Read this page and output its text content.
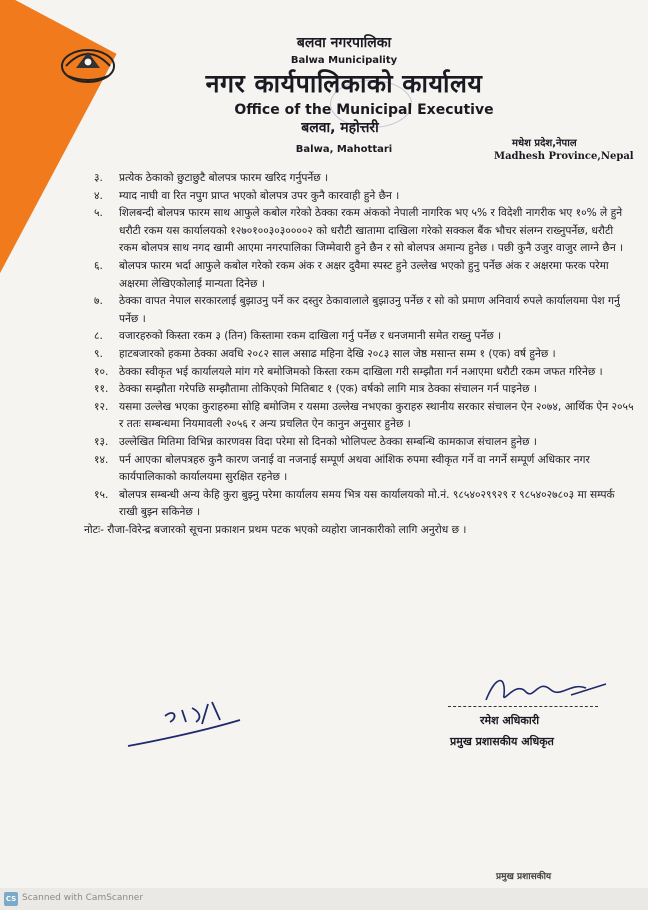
बलवा नगरपालिका
Balwa Municipality
नगर कार्यपालिकाको कार्यालय
Office of the Municipal Executive
बलवा, महोत्तरी
Balwa, Mahottari
मधेश प्रदेश,नेपाल
Madhesh Province,Nepal

३. प्रत्येक ठेकाको छुटाछुटै बोलपत्र फारम खरिद गर्नुपर्नेछ ।

४. म्याद नाघी वा रित नपुग प्राप्त भएको बोलपत्र उपर कुनै कारवाही हुने छैन ।

५. शिलबन्दी बोलपत्र फारम साथ आफुले कबोल गरेको ठेक्का रकम अंकको नेपाली नागरिक भए ५% र विदेशी नागरीक भए १०% ले हुने धरौटी रकम यस कार्यालयको १२७०१००३०३००००२ को धरौटी खातामा दाखिला गरेको सक्कल बैंक भौचर संलग्न राख्नुपर्नेछ, धरौटी रकम बोलपत्र साथ नगद खामी आएमा नगरपालिका जिम्मेवारी हुने छैन र सो बोलपत्र अमान्य हुनेछ । पछी कुनै उजुर वाजुर लाग्ने छैन ।

६. बोलपत्र फारम भर्दा आफुले कबोल गरेको रकम अंक र अक्षर दुवैमा स्पस्ट हुने उल्लेख भएको हुनु पर्नेछ अंक र अक्षरमा फरक परेमा अक्षरमा लेखिएकोलाई मान्यता दिनेछ ।

७. ठेक्का वापत नेपाल सरकारलाई बुझाउनु पर्ने कर दस्तुर ठेकावालाले बुझाउनु पर्नेछ र सो को प्रमाण अनिवार्य रुपले कार्यालयमा पेश गर्नु पर्नेछ ।

८. वजारहरुको किस्ता रकम ३ (तिन) किस्तामा रकम दाखिला गर्नु पर्नेछ र धनजमानी समेत राख्नु पर्नेछ ।

९. हाटबजारको हकमा ठेक्का अवधि २०८२ साल असाढ महिना देखि २०८३ साल जेष्ठ मसान्त सम्म १ (एक) वर्ष हुनेछ ।

१०. ठेक्का स्वीकृत भई कार्यालयले मांग गरे बमोजिमको किस्ता रकम दाखिला गरी सम्झौता गर्न नआएमा धरौटी रकम जफत गरिनेछ ।

११. ठेक्का सम्झौता गरेपछि सम्झौतामा तोकिएको मितिबाट १ (एक) वर्षको लागि मात्र ठेक्का संचालन गर्न पाइनेछ ।

१२. यसमा उल्लेख भएका कुराहरुमा सोहि बमोजिम र यसमा उल्लेख नभएका कुराहरु स्थानीय सरकार संचालन ऐन २०७४, आर्थिक ऐन २०५५ र ततः सम्बन्धमा नियमावली २०५६ र अन्य प्रचलित ऐन कानुन अनुसार हुनेछ ।

१३. उल्लेखित मितिमा विभिन्न कारणवस विदा परेमा सो दिनको भोलिपल्ट ठेक्का सम्बन्धि कामकाज संचालन हुनेछ ।

१४. पर्न आएका बोलपत्रहरु कुनै कारण जनाई वा नजनाई सम्पूर्ण अथवा आंशिक रुपमा स्वीकृत गर्ने वा नगर्ने सम्पूर्ण अधिकार नगर कार्यपालिकाको कार्यालयमा सुरक्षित रहनेछ ।

१५. बोलपत्र सम्बन्धी अन्य केहि कुरा बुझ्नु परेमा कार्यालय समय भित्र यस कार्यालयको मो.नं. ९८५४०२९९२९ र ९८५४०२७८०३ मा सम्पर्क राखी बुझ्न सकिनेछ ।

नोटः- रौजा-विरेन्द्र बजारको सूचना प्रकाशन प्रथम पटक भएको व्यहोरा जानकारीको लागि अनुरोध छ ।

रमेश अधिकारी
प्रमुख प्रशासकीय अधिकृत
प्रमुख प्रशासकीय
CS Scanned with CamScanner
